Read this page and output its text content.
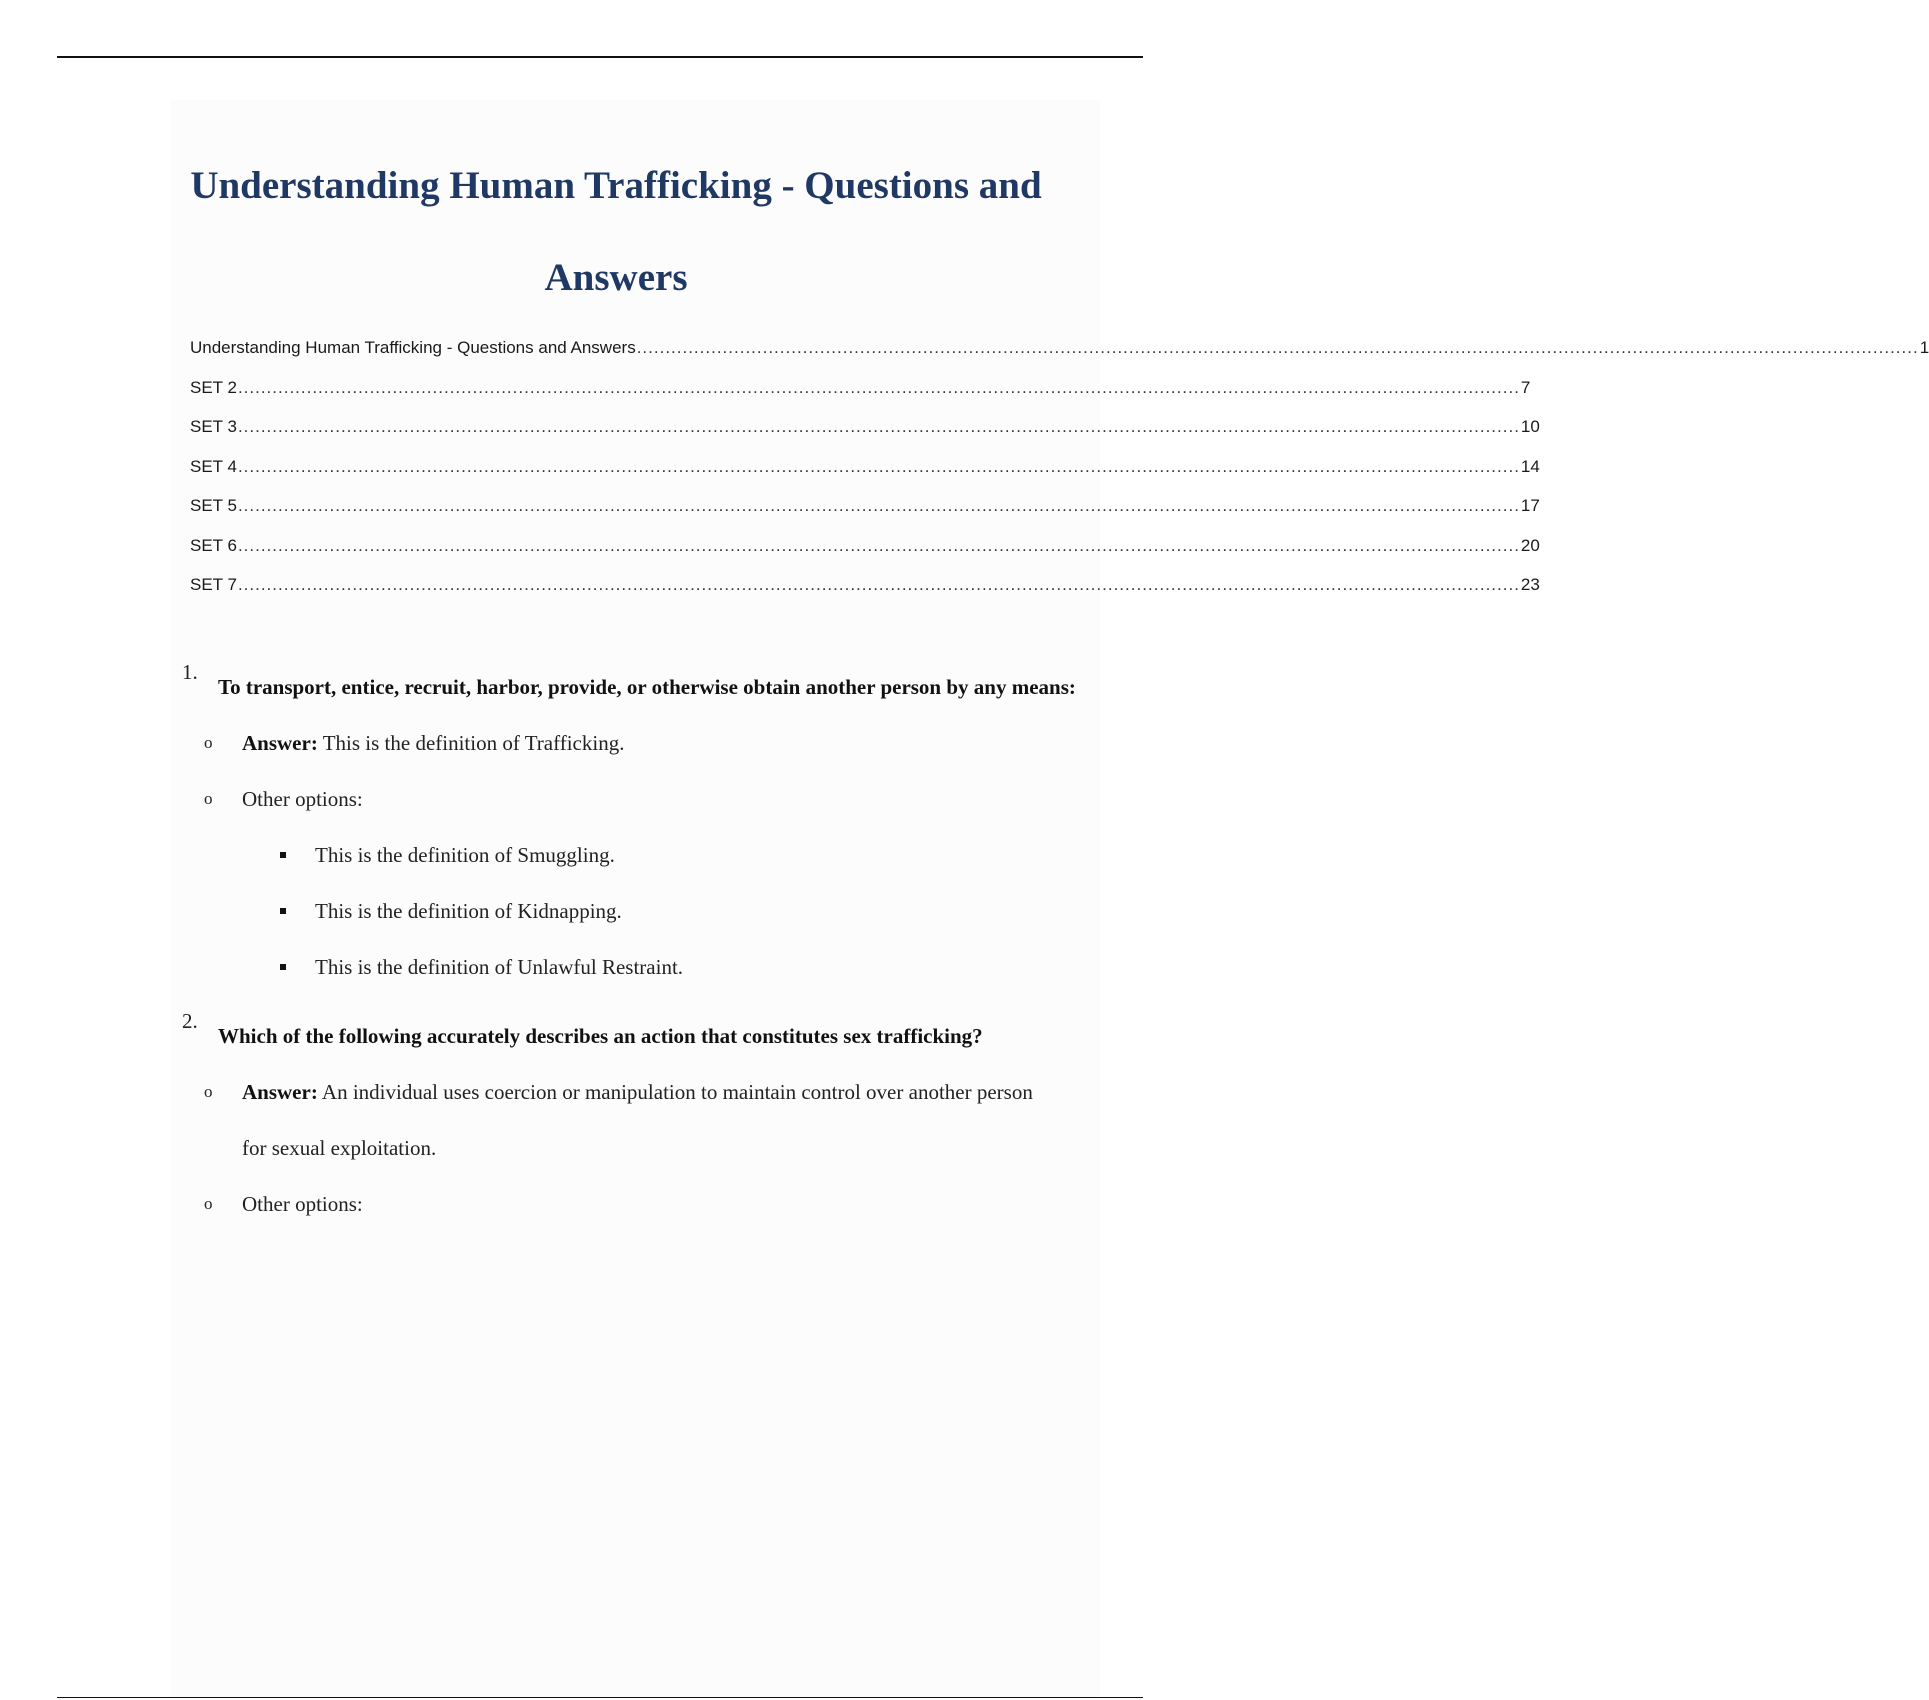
Understanding Human Trafficking - Questions and Answers
Understanding Human Trafficking - Questions and Answers ................................................................................................................................................................................................................................ 1
SET 2 ................................................................................................................................................................................................................................ 7
SET 3 ................................................................................................................................................................................................................................ 10
SET 4 ................................................................................................................................................................................................................................ 14
SET 5 ................................................................................................................................................................................................................................ 17
SET 6 ................................................................................................................................................................................................................................ 20
SET 7 ................................................................................................................................................................................................................................ 23
1.
To transport, entice, recruit, harbor, provide, or otherwise obtain another person by any means:
o Answer: This is the definition of Trafficking.
o Other options:
This is the definition of Smuggling.
This is the definition of Kidnapping.
This is the definition of Unlawful Restraint.
2.
Which of the following accurately describes an action that constitutes sex trafficking?
o Answer: An individual uses coercion or manipulation to maintain control over another person for sexual exploitation.
o Other options:
